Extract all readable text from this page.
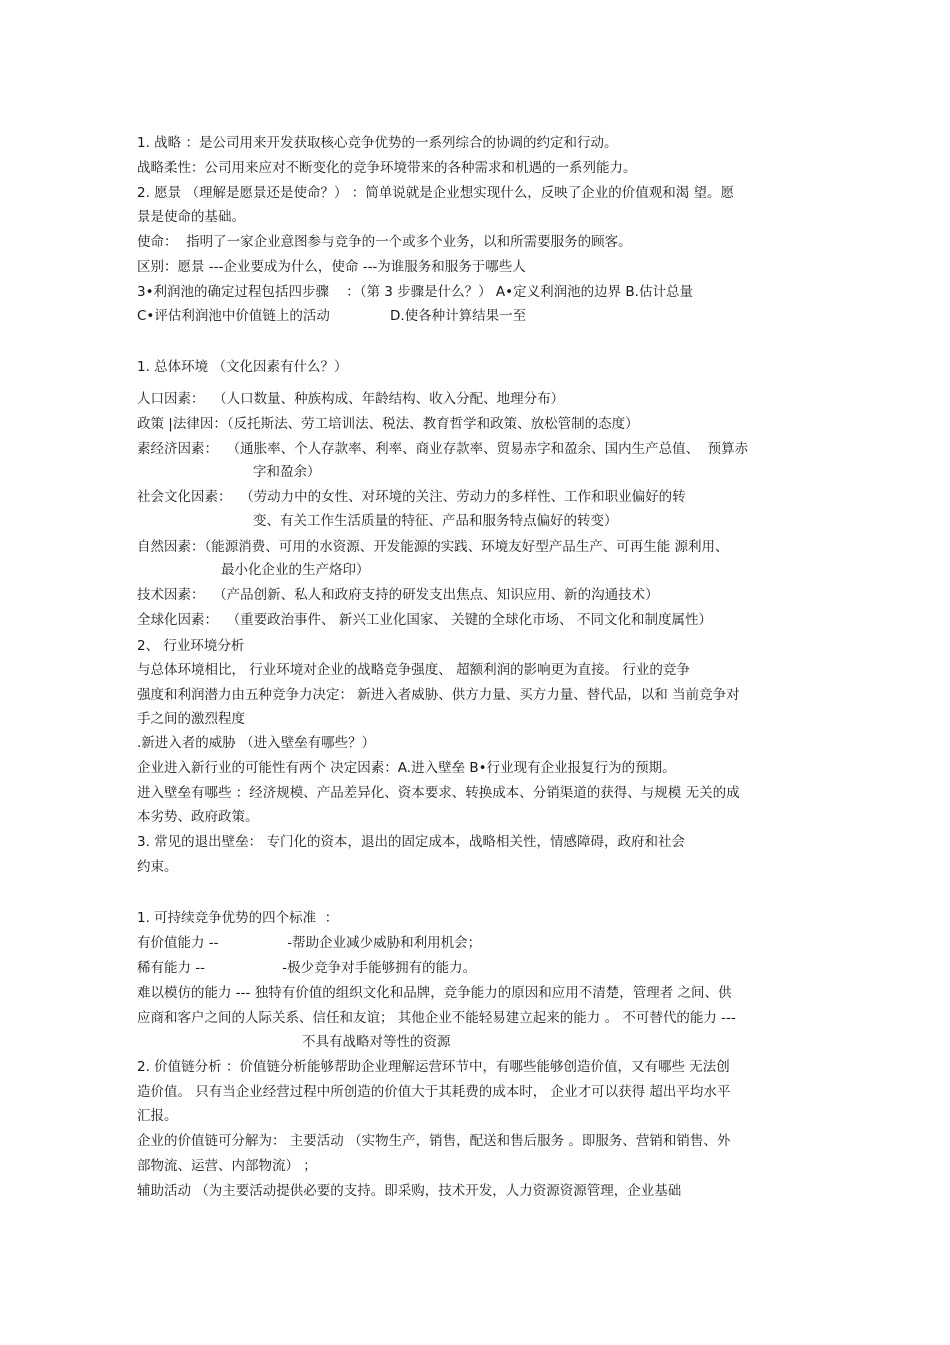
1. 战略 ：是公司用来开发获取核心竞争优势的一系列综合的协调的约定和行动。
战略柔性：公司用来应对不断变化的竞争环境带来的各种需求和机遇的一系列能力。
2. 愿景 （理解是愿景还是使命？） ：简单说就是企业想实现什么，反映了企业的价值观和渴 望。愿
景是使命的基础。
使命：  指明了一家企业意图参与竞争的一个或多个业务，以和所需要服务的顾客。
区别：愿景 ---企业要成为什么，使命 ---为谁服务和服务于哪些人
3•利润池的确定过程包括四步骤    ：（第 3 步骤是什么？） A•定义利润池的边界 B.估计总量
C•评估利润池中价值链上的活动              D.使各种计算结果一至
1. 总体环境 （文化因素有什么？）
人口因素：  （人口数量、种族构成、年龄结构、收入分配、地理分布）
政策 |法律因：（反托斯法、劳工培训法、税法、教育哲学和政策、放松管制的态度）
素经济因素：  （通胀率、个人存款率、利率、商业存款率、贸易赤字和盈余、国内生产总值、  预算赤
字和盈余）
社会文化因素：  （劳动力中的女性、对环境的关注、劳动力的多样性、工作和职业偏好的转
变、有关工作生活质量的特征、产品和服务特点偏好的转变）
自然因素：（能源消费、可用的水资源、开发能源的实践、环境友好型产品生产、可再生能 源利用、
最小化企业的生产烙印）
技术因素：  （产品创新、私人和政府支持的研发支出焦点、知识应用、新的沟通技术）
全球化因素：  （重要政治事件、 新兴工业化国家、 关键的全球化市场、 不同文化和制度属性）
2、 行业环境分析
与总体环境相比， 行业环境对企业的战略竞争强度、 超额利润的影响更为直接。 行业的竞争
强度和利润潜力由五种竞争力决定： 新进入者威胁、供方力量、买方力量、替代品，以和 当前竞争对
手之间的激烈程度
.新进入者的威胁 （进入壁垒有哪些？）
企业进入新行业的可能性有两个 决定因素：A.进入壁垒 B•行业现有企业报复行为的预期。
进入壁垒有哪些 ：经济规模、产品差异化、资本要求、转换成本、分销渠道的获得、与规模 无关的成
本劣势、政府政策。
3. 常见的退出壁垒： 专门化的资本，退出的固定成本，战略相关性，情感障碍，政府和社会
约束。
1. 可持续竞争优势的四个标准  ：
有价值能力 --                -帮助企业减少威胁和利用机会；
稀有能力 --                  -极少竞争对手能够拥有的能力。
难以模仿的能力 --- 独特有价值的组织文化和品牌，竞争能力的原因和应用不清楚，管理者 之间、供
应商和客户之间的人际关系、信任和友谊； 其他企业不能轻易建立起来的能力 。 不可替代的能力 ---
不具有战略对等性的资源
2. 价值链分析 ：价值链分析能够帮助企业理解运营环节中，有哪些能够创造价值，又有哪些 无法创
造价值。 只有当企业经营过程中所创造的价值大于其耗费的成本时， 企业才可以获得 超出平均水平
汇报。
企业的价值链可分解为： 主要活动 （实物生产，销售，配送和售后服务 。即服务、营销和销售、外
部物流、运营、内部物流） ；
辅助活动 （为主要活动提供必要的支持。即采购，技术开发，人力资源资源管理，企业基础
